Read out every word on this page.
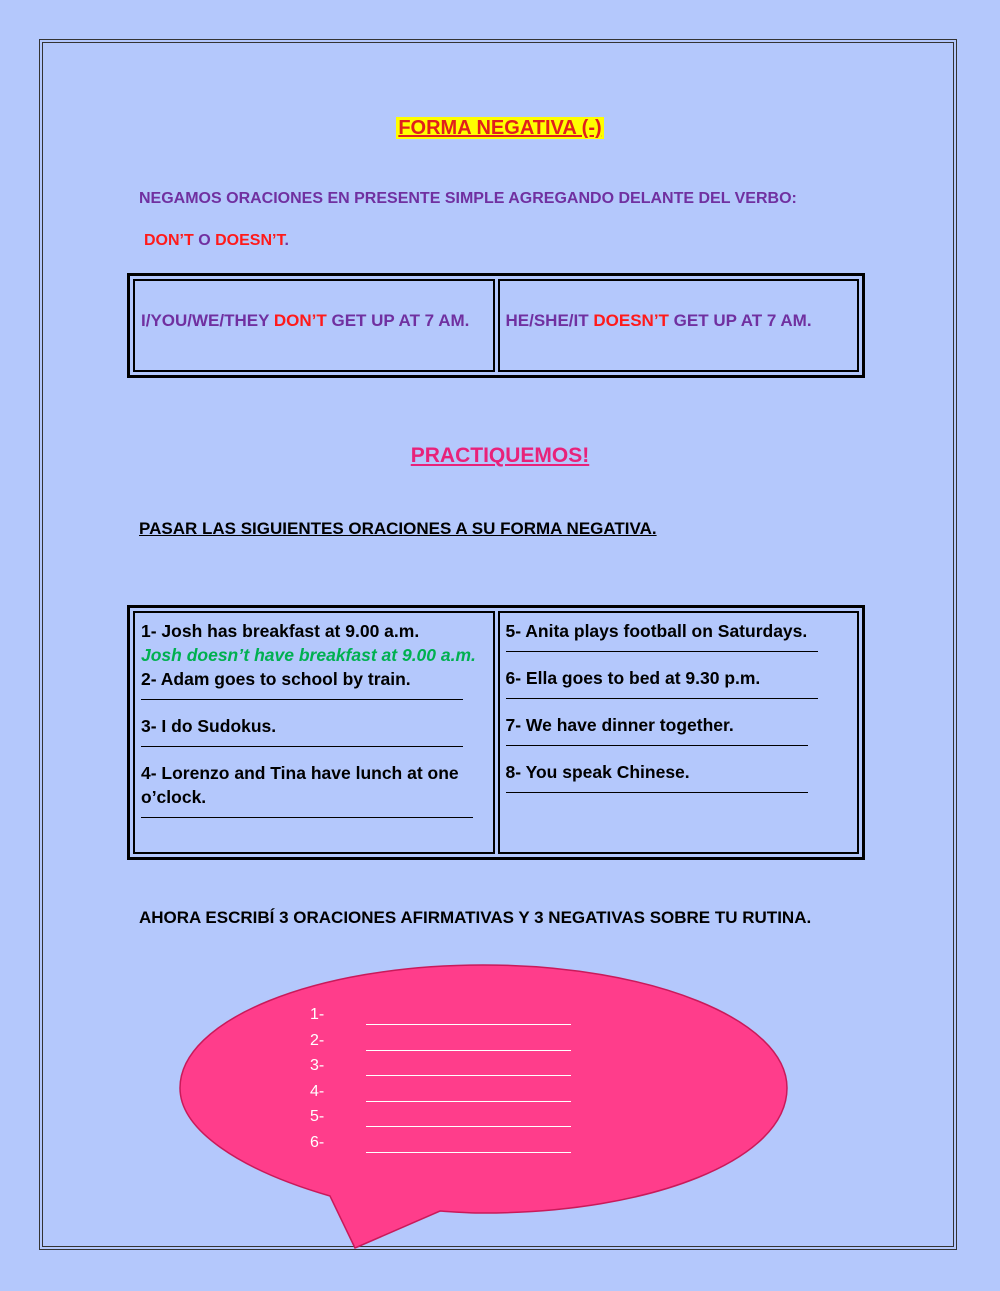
FORMA NEGATIVA (-)
NEGAMOS ORACIONES EN PRESENTE SIMPLE AGREGANDO DELANTE DEL VERBO:
DON’T O DOESN’T.
I/YOU/WE/THEY DON’T GET UP AT 7 AM.	HE/SHE/IT DOESN’T GET UP AT 7 AM.
PRACTIQUEMOS!
PASAR LAS SIGUIENTES ORACIONES A SU FORMA NEGATIVA.
1- Josh has breakfast at 9.00 a.m.
Josh doesn’t have breakfast at 9.00 a.m.
2- Adam goes to school by train.
3- I do Sudokus.
4- Lorenzo and Tina have lunch at one o’clock.

5- Anita plays football on Saturdays.
6- Ella goes to bed at 9.30 p.m.
7- We have dinner together.
8- You speak Chinese.
AHORA ESCRIBÍ 3 ORACIONES AFIRMATIVAS Y 3 NEGATIVAS SOBRE TU RUTINA.
1-
2-
3-
4-
5-
6-
